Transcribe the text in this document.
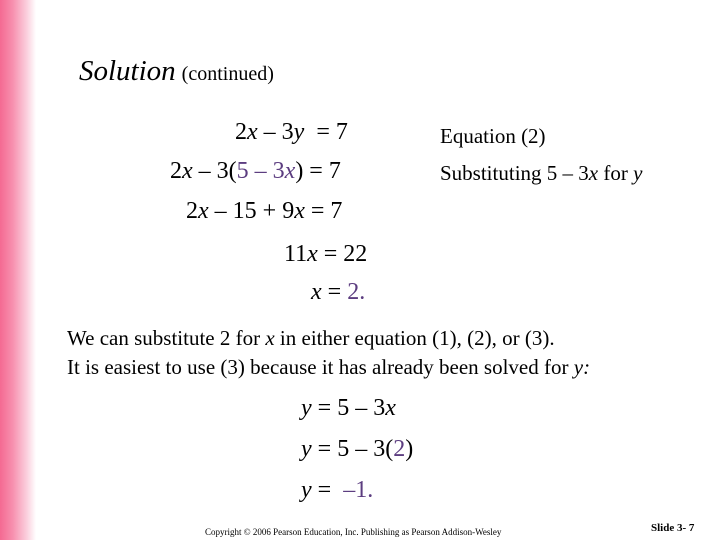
Solution (continued)
2x – 3y  = 7
2x – 3(5 – 3x) = 7
2x – 15 + 9x = 7
11x = 22
x = 2.
Equation (2)
Substituting 5 – 3x for y
We can substitute 2 for x in either equation (1), (2), or (3).
It is easiest to use (3) because it has already been solved for y:
y = 5 – 3x
y = 5 – 3(2)
y =  –1.
Copyright © 2006 Pearson Education, Inc. Publishing as Pearson Addison-Wesley	Slide 3- 7
